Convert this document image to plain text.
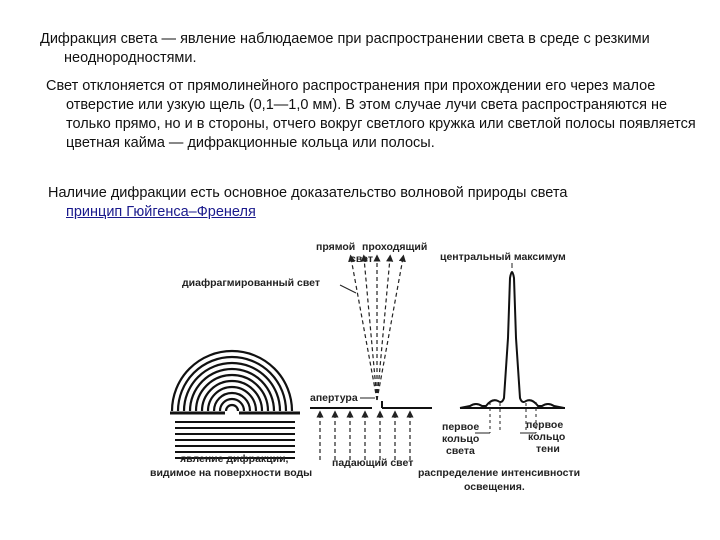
Дифракция света — явление наблюдаемое при распространении света в среде с резкими неоднородностями.

Свет отклоняется от прямолинейного распространения при прохождении его через малое отверстие или узкую щель (0,1—1,0 мм). В этом случае лучи света распространяются не только прямо, но и в стороны, отчего вокруг светлого кружка или светлой полосы появляется цветная кайма — дифракционные кольца или полосы.

Наличие дифракции есть основное доказательство волновой природы света
принцип Гюйгенса–Френеля
прямой проходящий
свет
диафрагмированный свет
центральный максимум
апертура
первое
кольцо
света
первое
кольцо
тени
явление дифракции,
видимое на поверхности воды
падающий свет
распределение интенсивности
освещения.
